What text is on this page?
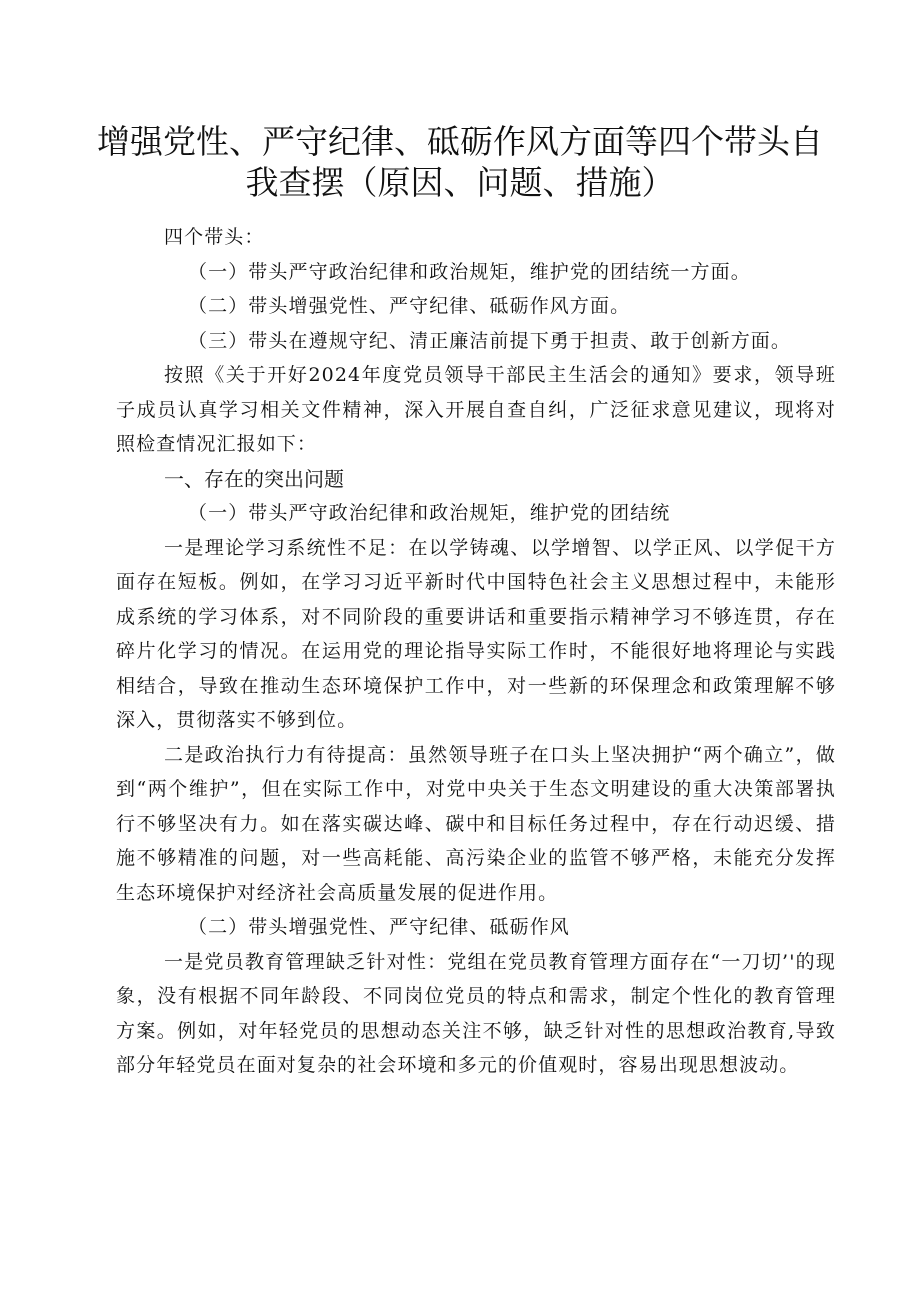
增强党性、严守纪律、砥砺作风方面等四个带头自
我查摆（原因、问题、措施）

四个带头：

（一）带头严守政治纪律和政治规矩，维护党的团结统一方面。

（二）带头增强党性、严守纪律、砥砺作风方面。

（三）带头在遵规守纪、清正廉洁前提下勇于担责、敢于创新方面。

按照《关于开好2024年度党员领导干部民主生活会的通知》要求，领导班子成员认真学习相关文件精神，深入开展自查自纠，广泛征求意见建议，现将对照检查情况汇报如下：

一、存在的突出问题

（一）带头严守政治纪律和政治规矩，维护党的团结统

一是理论学习系统性不足：在以学铸魂、以学增智、以学正风、以学促干方面存在短板。例如，在学习习近平新时代中国特色社会主义思想过程中，未能形成系统的学习体系，对不同阶段的重要讲话和重要指示精神学习不够连贯，存在碎片化学习的情况。在运用党的理论指导实际工作时，不能很好地将理论与实践相结合，导致在推动生态环境保护工作中，对一些新的环保理念和政策理解不够深入，贯彻落实不够到位。

二是政治执行力有待提高：虽然领导班子在口头上坚决拥护“两个确立”，做到“两个维护”，但在实际工作中，对党中央关于生态文明建设的重大决策部署执行不够坚决有力。如在落实碳达峰、碳中和目标任务过程中，存在行动迟缓、措施不够精准的问题，对一些高耗能、高污染企业的监管不够严格，未能充分发挥生态环境保护对经济社会高质量发展的促进作用。

（二）带头增强党性、严守纪律、砥砺作风

一是党员教育管理缺乏针对性：党组在党员教育管理方面存在“一刀切’'的现象，没有根据不同年龄段、不同岗位党员的特点和需求，制定个性化的教育管理方案。例如，对年轻党员的思想动态关注不够，缺乏针对性的思想政治教育,导致部分年轻党员在面对复杂的社会环境和多元的价值观时，容易出现思想波动。
